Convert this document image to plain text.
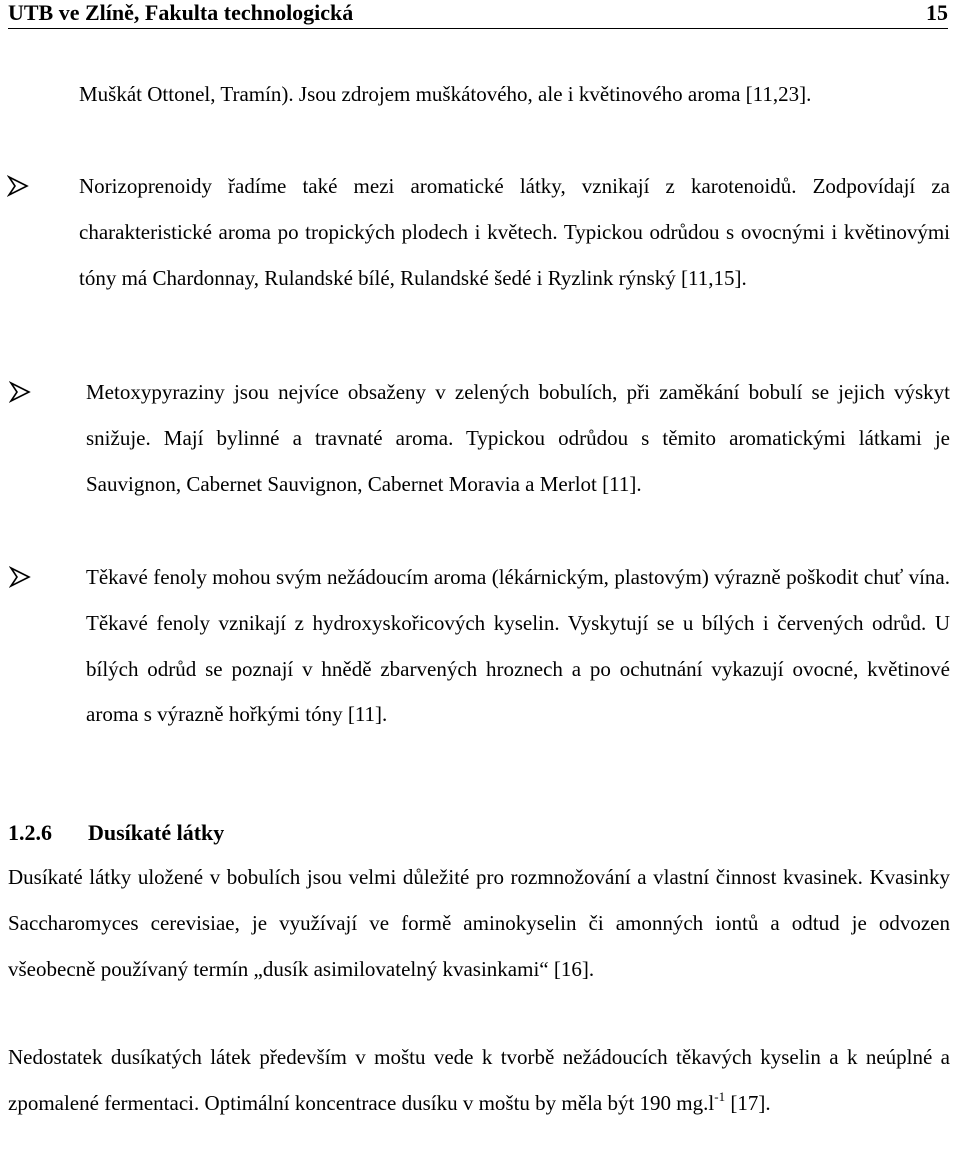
UTB ve Zlíně, Fakulta technologická	15
Muškát Ottonel, Tramín). Jsou zdrojem muškátového, ale i květinového aroma [11,23].
Norizoprenoidy řadíme také mezi aromatické látky, vznikají z karotenoidů. Zodpovídají za charakteristické aroma po tropických plodech i květech. Typickou odrůdou s ovocnými i květinovými tóny má Chardonnay, Rulandské bílé, Rulandské šedé i Ryzlink rýnský [11,15].
Metoxypyraziny jsou nejvíce obsaženy v zelených bobulích, při zaměkání bobulí se jejich výskyt snižuje. Mají bylinné a travnaté aroma. Typickou odrůdou s těmito aromatickými látkami je Sauvignon, Cabernet Sauvignon, Cabernet Moravia a Merlot [11].
Těkavé fenoly mohou svým nežádoucím aroma (lékárnickým, plastovým) výrazně poškodit chuť vína. Těkavé fenoly vznikají z hydroxyskořicových kyselin. Vyskytují se u bílých i červených odrůd. U bílých odrůd se poznají v hnědě zbarvených hroznech a po ochutnání vykazují ovocné, květinové aroma s výrazně hořkými tóny [11].
1.2.6 Dusíkaté látky
Dusíkaté látky uložené v bobulích jsou velmi důležité pro rozmnožování a vlastní činnost kvasinek. Kvasinky Saccharomyces cerevisiae, je využívají ve formě aminokyselin či amonných iontů a odtud je odvozen všeobecně používaný termín „dusík asimilovatelný kvasinkami“ [16].
Nedostatek dusíkatých látek především v moštu vede k tvorbě nežádoucích těkavých kyselin a k neúplné a zpomalené fermentaci. Optimální koncentrace dusíku v moštu by měla být 190 $mg.l^{-1}$ [17].
